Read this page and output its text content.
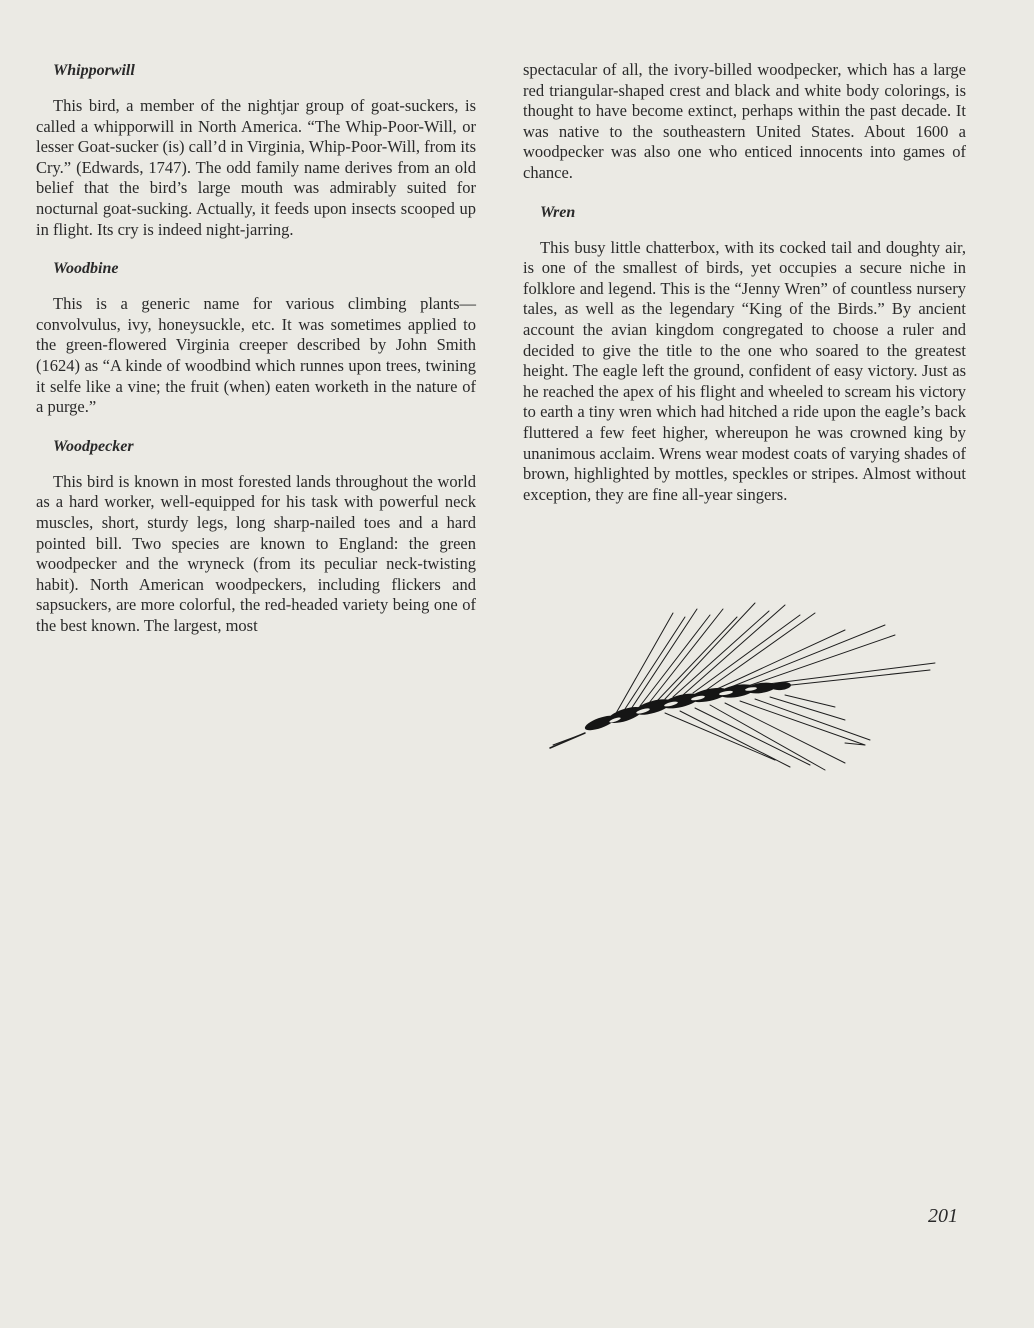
Whipporwill

This bird, a member of the nightjar group of goat-suckers, is called a whipporwill in North America. “The Whip-Poor-Will, or lesser Goat-sucker (is) call’d in Virginia, Whip-Poor-Will, from its Cry.” (Edwards, 1747). The odd family name derives from an old belief that the bird’s large mouth was admirably suited for nocturnal goat-sucking. Actually, it feeds upon insects scooped up in flight. Its cry is indeed night-jarring.

Woodbine

This is a generic name for various climbing plants—convolvulus, ivy, honeysuckle, etc. It was sometimes applied to the green-flowered Virginia creeper described by John Smith (1624) as “A kinde of woodbind which runnes upon trees, twining it selfe like a vine; the fruit (when) eaten worketh in the nature of a purge.”

Woodpecker

This bird is known in most forested lands throughout the world as a hard worker, well-equipped for his task with powerful neck muscles, short, sturdy legs, long sharp-nailed toes and a hard pointed bill. Two species are known to England: the green woodpecker and the wryneck (from its peculiar neck-twisting habit). North American woodpeckers, including flickers and sapsuckers, are more colorful, the red-headed variety being one of the best known. The largest, most

spectacular of all, the ivory-billed woodpecker, which has a large red triangular-shaped crest and black and white body colorings, is thought to have become extinct, perhaps within the past decade. It was native to the southeastern United States. About 1600 a woodpecker was also one who enticed innocents into games of chance.

Wren

This busy little chatterbox, with its cocked tail and doughty air, is one of the smallest of birds, yet occupies a secure niche in folklore and legend. This is the “Jenny Wren” of countless nursery tales, as well as the legendary “King of the Birds.” By ancient account the avian kingdom congregated to choose a ruler and decided to give the title to the one who soared to the greatest height. The eagle left the ground, confident of easy victory. Just as he reached the apex of his flight and wheeled to scream his victory to earth a tiny wren which had hitched a ride upon the eagle’s back fluttered a few feet higher, whereupon he was crowned king by unanimous acclaim. Wrens wear modest coats of varying shades of brown, highlighted by mottles, speckles or stripes. Almost without exception, they are fine all-year singers.

201
